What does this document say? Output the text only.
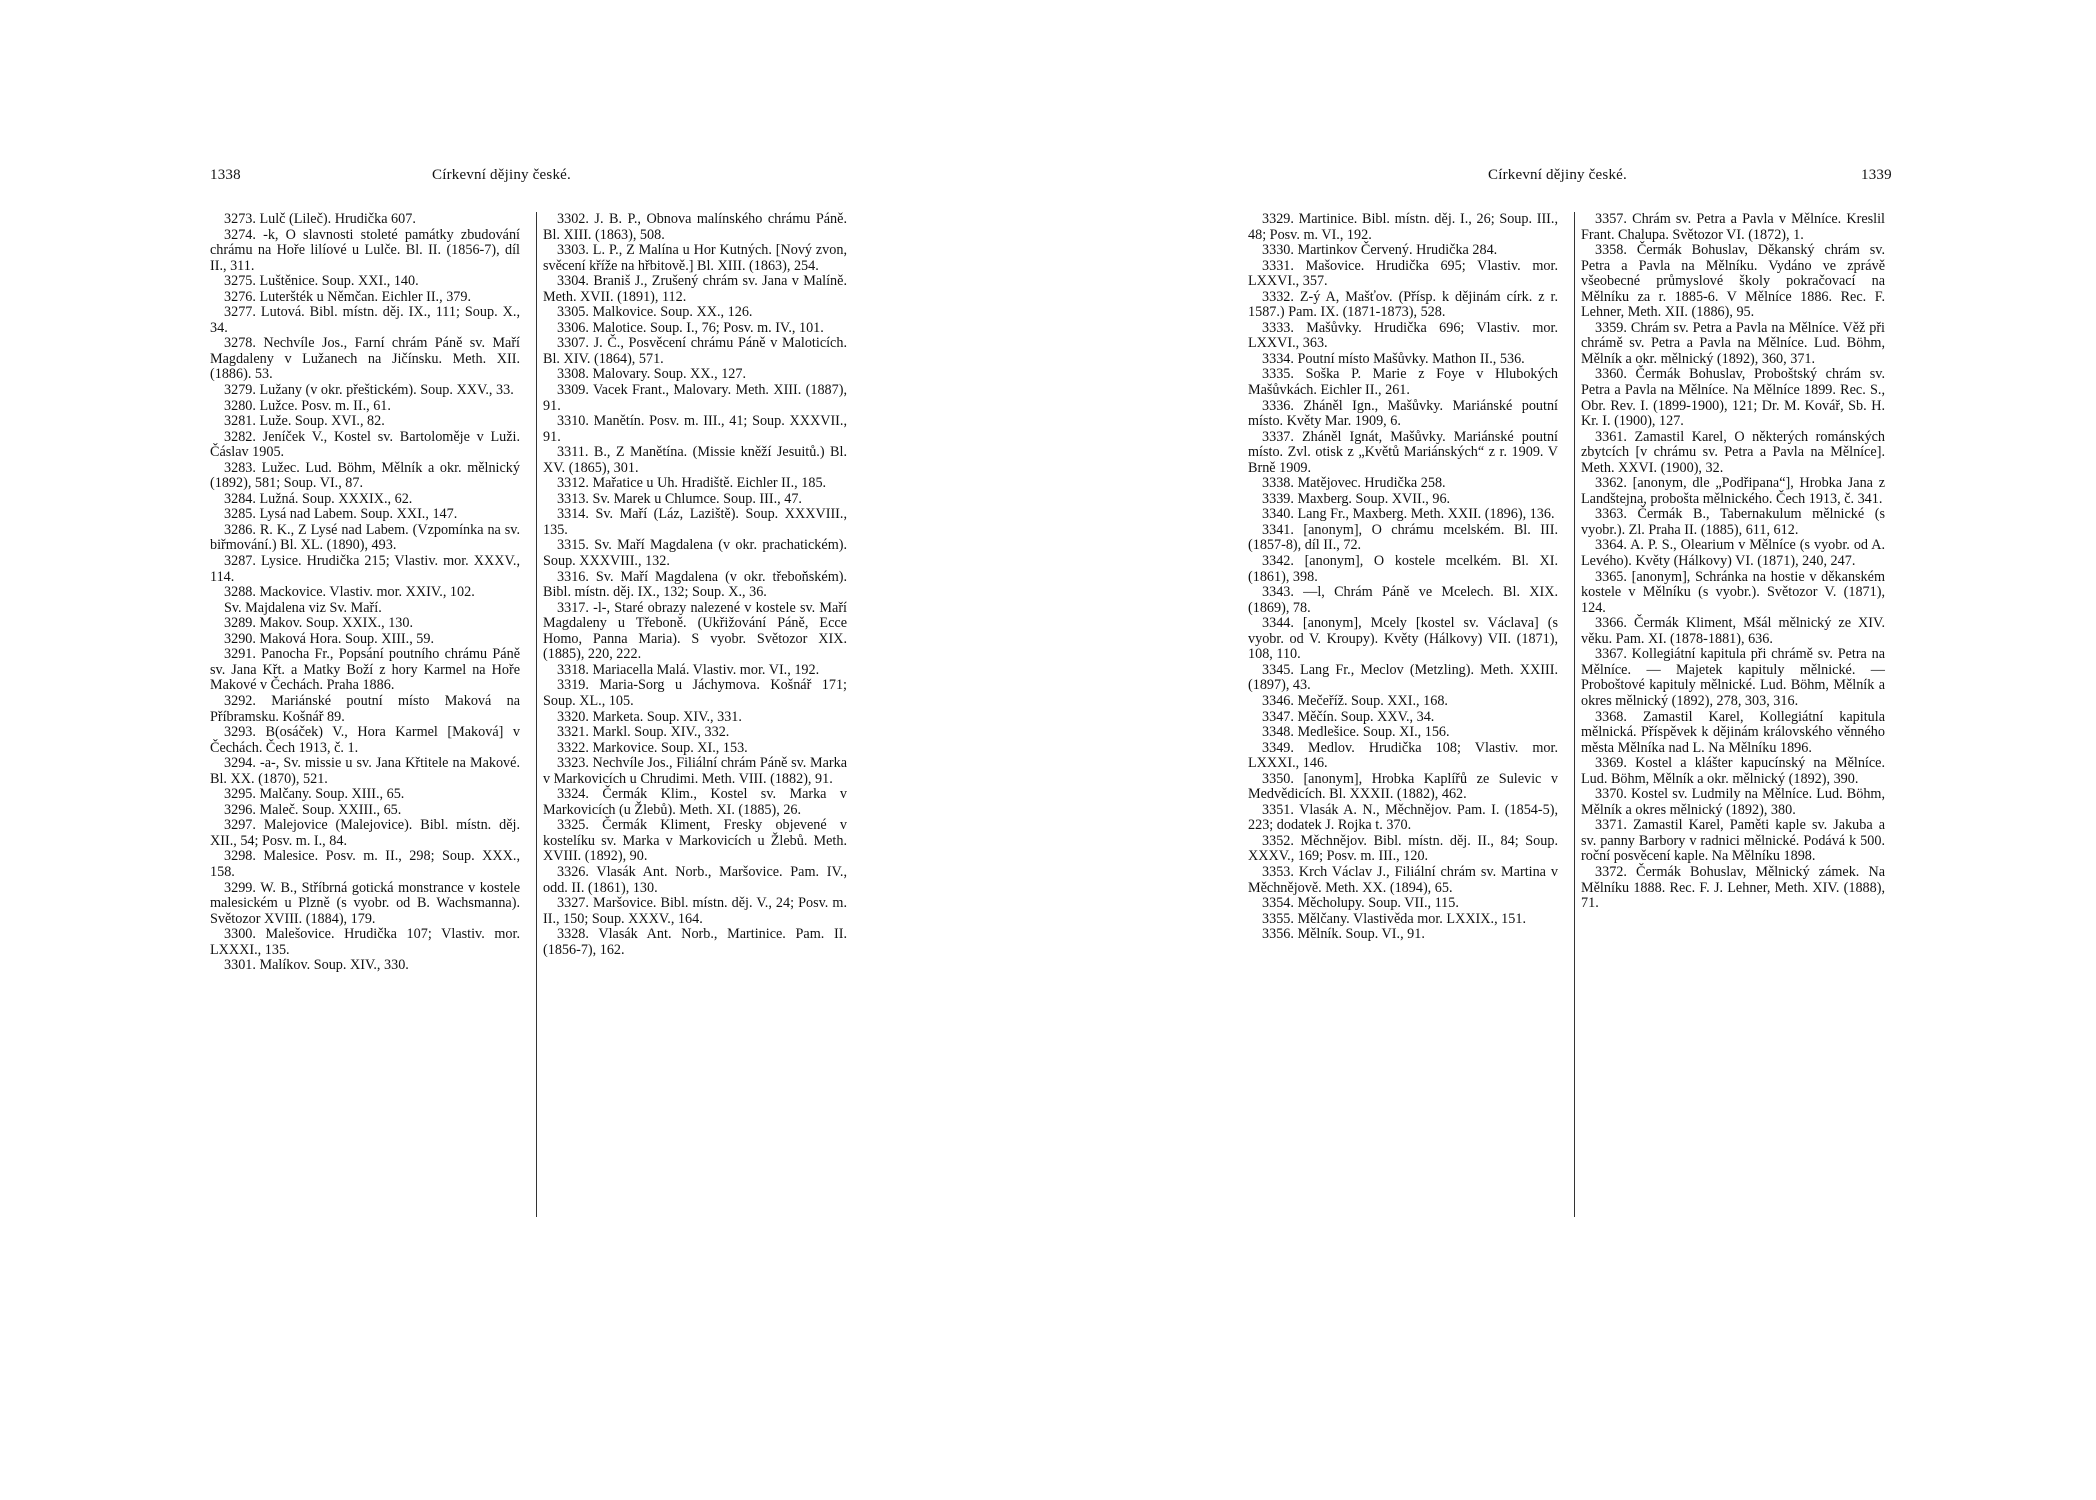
1338	Církevní dějiny české.

3273. Lulč (Lileč). Hrudička 607.

3274. -k, O slavnosti stoleté památky zbudování chrámu na Hoře lilíové u Lulče. Bl. II. (1856-7), díl II., 311.

3275. Luštěnice. Soup. XXI., 140.

3276. Luteršték u Němčan. Eichler II., 379.

3277. Lutová. Bibl. místn. děj. IX., 111; Soup. X., 34.

3278. Nechvíle Jos., Farní chrám Páně sv. Maří Magdaleny v Lužanech na Jičínsku. Meth. XII. (1886). 53.

3279. Lužany (v okr. přeštickém). Soup. XXV., 33.

3280. Lužce. Posv. m. II., 61.

3281. Luže. Soup. XVI., 82.

3282. Jeníček V., Kostel sv. Bartoloměje v Luži. Čáslav 1905.

3283. Lužec. Lud. Böhm, Mělník a okr. mělnický (1892), 581; Soup. VI., 87.

3284. Lužná. Soup. XXXIX., 62.

3285. Lysá nad Labem. Soup. XXI., 147.

3286. R. K., Z Lysé nad Labem. (Vzpomínka na sv. biřmování.) Bl. XL. (1890), 493.

3287. Lysice. Hrudička 215; Vlastiv. mor. XXXV., 114.

3288. Mackovice. Vlastiv. mor. XXIV., 102.

Sv. Majdalena viz Sv. Maří.

3289. Makov. Soup. XXIX., 130.

3290. Maková Hora. Soup. XIII., 59.

3291. Panocha Fr., Popsání poutního chrámu Páně sv. Jana Křt. a Matky Boží z hory Karmel na Hoře Makové v Čechách. Praha 1886.

3292. Mariánské poutní místo Maková na Příbramsku. Košnář 89.

3293. B(osáček) V., Hora Karmel [Maková] v Čechách. Čech 1913, č. 1.

3294. -a-, Sv. missie u sv. Jana Křtitele na Makové. Bl. XX. (1870), 521.

3295. Malčany. Soup. XIII., 65.

3296. Maleč. Soup. XXIII., 65.

3297. Malejovice (Malejovice). Bibl. místn. děj. XII., 54; Posv. m. I., 84.

3298. Malesice. Posv. m. II., 298; Soup. XXX., 158.

3299. W. B., Stříbrná gotická monstrance v kostele malesickém u Plzně (s vyobr. od B. Wachsmanna). Světozor XVIII. (1884), 179.

3300. Malešovice. Hrudička 107; Vlastiv. mor. LXXXI., 135.

3301. Malíkov. Soup. XIV., 330.

3302. J. B. P., Obnova malínského chrámu Páně. Bl. XIII. (1863), 508.

3303. L. P., Z Malína u Hor Kutných. [Nový zvon, svěcení kříže na hřbitově.] Bl. XIII. (1863), 254.

3304. Braniš J., Zrušený chrám sv. Jana v Malíně. Meth. XVII. (1891), 112.

3305. Malkovice. Soup. XX., 126.

3306. Malotice. Soup. I., 76; Posv. m. IV., 101.

3307. J. Č., Posvěcení chrámu Páně v Maloticích. Bl. XIV. (1864), 571.

3308. Malovary. Soup. XX., 127.

3309. Vacek Frant., Malovary. Meth. XIII. (1887), 91.

3310. Manětín. Posv. m. III., 41; Soup. XXXVII., 91.

3311. B., Z Manětína. (Missie kněží Jesuitů.) Bl. XV. (1865), 301.

3312. Mařatice u Uh. Hradiště. Eichler II., 185.

3313. Sv. Marek u Chlumce. Soup. III., 47.

3314. Sv. Maří (Láz, Laziště). Soup. XXXVIII., 135.

3315. Sv. Maří Magdalena (v okr. prachatickém). Soup. XXXVIII., 132.

3316. Sv. Maří Magdalena (v okr. třeboňském). Bibl. místn. děj. IX., 132; Soup. X., 36.

3317. -l-, Staré obrazy nalezené v kostele sv. Maří Magdaleny u Třeboně. (Ukřižování Páně, Ecce Homo, Panna Maria). S vyobr. Světozor XIX. (1885), 220, 222.

3318. Mariacella Malá. Vlastiv. mor. VI., 192.

3319. Maria-Sorg u Jáchymova. Košnář 171; Soup. XL., 105.

3320. Marketa. Soup. XIV., 331.

3321. Markl. Soup. XIV., 332.

3322. Markovice. Soup. XI., 153.

3323. Nechvíle Jos., Filiální chrám Páně sv. Marka v Markovicích u Chrudimi. Meth. VIII. (1882), 91.

3324. Čermák Klim., Kostel sv. Marka v Markovicích (u Žlebů). Meth. XI. (1885), 26.

3325. Čermák Kliment, Fresky objevené v kostelíku sv. Marka v Markovicích u Žlebů. Meth. XVIII. (1892), 90.

3326. Vlasák Ant. Norb., Maršovice. Pam. IV., odd. II. (1861), 130.

3327. Maršovice. Bibl. místn. děj. V., 24; Posv. m. II., 150; Soup. XXXV., 164.

3328. Vlasák Ant. Norb., Martinice. Pam. II. (1856-7), 162.

Církevní dějiny české.	1339

3329. Martinice. Bibl. místn. děj. I., 26; Soup. III., 48; Posv. m. VI., 192.

3330. Martinkov Červený. Hrudička 284.

3331. Mašovice. Hrudička 695; Vlastiv. mor. LXXVI., 357.

3332. Z-ý A, Mašťov. (Přísp. k dějinám círk. z r. 1587.) Pam. IX. (1871-1873), 528.

3333. Mašůvky. Hrudička 696; Vlastiv. mor. LXXVI., 363.

3334. Poutní místo Mašůvky. Mathon II., 536.

3335. Soška P. Marie z Foye v Hlubokých Mašůvkách. Eichler II., 261.

3336. Zháněl Ign., Mašůvky. Mariánské poutní místo. Květy Mar. 1909, 6.

3337. Zháněl Ignát, Mašůvky. Mariánské poutní místo. Zvl. otisk z „Květů Mariánských“ z r. 1909. V Brně 1909.

3338. Matějovec. Hrudička 258.

3339. Maxberg. Soup. XVII., 96.

3340. Lang Fr., Maxberg. Meth. XXII. (1896), 136.

3341. [anonym], O chrámu mcelském. Bl. III. (1857-8), díl II., 72.

3342. [anonym], O kostele mcelkém. Bl. XI. (1861), 398.

3343. —l, Chrám Páně ve Mcelech. Bl. XIX. (1869), 78.

3344. [anonym], Mcely [kostel sv. Václava] (s vyobr. od V. Kroupy). Květy (Hálkovy) VII. (1871), 108, 110.

3345. Lang Fr., Meclov (Metzling). Meth. XXIII. (1897), 43.

3346. Mečeříž. Soup. XXI., 168.

3347. Měčín. Soup. XXV., 34.

3348. Medlešice. Soup. XI., 156.

3349. Medlov. Hrudička 108; Vlastiv. mor. LXXXI., 146.

3350. [anonym], Hrobka Kaplířů ze Sulevic v Medvědicích. Bl. XXXII. (1882), 462.

3351. Vlasák A. N., Měchnějov. Pam. I. (1854-5), 223; dodatek J. Rojka t. 370.

3352. Měchnějov. Bibl. místn. děj. II., 84; Soup. XXXV., 169; Posv. m. III., 120.

3353. Krch Václav J., Filiální chrám sv. Martina v Měchnějově. Meth. XX. (1894), 65.

3354. Měcholupy. Soup. VII., 115.

3355. Mělčany. Vlastivěda mor. LXXIX., 151.

3356. Mělník. Soup. VI., 91.

3357. Chrám sv. Petra a Pavla v Mělníce. Kreslil Frant. Chalupa. Světozor VI. (1872), 1.

3358. Čermák Bohuslav, Děkanský chrám sv. Petra a Pavla na Mělníku. Vydáno ve zprávě všeobecné průmyslové školy pokračovací na Mělníku za r. 1885-6. V Mělníce 1886. Rec. F. Lehner, Meth. XII. (1886), 95.

3359. Chrám sv. Petra a Pavla na Mělníce. Věž při chrámě sv. Petra a Pavla na Mělníce. Lud. Böhm, Mělník a okr. mělnický (1892), 360, 371.

3360. Čermák Bohuslav, Proboštský chrám sv. Petra a Pavla na Mělníce. Na Mělníce 1899. Rec. S., Obr. Rev. I. (1899-1900), 121; Dr. M. Kovář, Sb. H. Kr. I. (1900), 127.

3361. Zamastil Karel, O některých románských zbytcích [v chrámu sv. Petra a Pavla na Mělníce]. Meth. XXVI. (1900), 32.

3362. [anonym, dle „Podřipana“], Hrobka Jana z Landštejna, probošta mělnického. Čech 1913, č. 341.

3363. Čermák B., Tabernakulum mělnické (s vyobr.). Zl. Praha II. (1885), 611, 612.

3364. A. P. S., Olearium v Mělníce (s vyobr. od A. Levého). Květy (Hálkovy) VI. (1871), 240, 247.

3365. [anonym], Schránka na hostie v děkanském kostele v Mělníku (s vyobr.). Světozor V. (1871), 124.

3366. Čermák Kliment, Mšál mělnický ze XIV. věku. Pam. XI. (1878-1881), 636.

3367. Kollegiátní kapitula při chrámě sv. Petra na Mělníce. — Majetek kapituly mělnické. — Proboštové kapituly mělnické. Lud. Böhm, Mělník a okres mělnický (1892), 278, 303, 316.

3368. Zamastil Karel, Kollegiátní kapitula mělnická. Příspěvek k dějinám královského věnného města Mělníka nad L. Na Mělníku 1896.

3369. Kostel a klášter kapucínský na Mělníce. Lud. Böhm, Mělník a okr. mělnický (1892), 390.

3370. Kostel sv. Ludmily na Mělníce. Lud. Böhm, Mělník a okres mělnický (1892), 380.

3371. Zamastil Karel, Paměti kaple sv. Jakuba a sv. panny Barbory v radnici mělnické. Podává k 500. roční posvěcení kaple. Na Mělníku 1898.

3372. Čermák Bohuslav, Mělnický zámek. Na Mělníku 1888. Rec. F. J. Lehner, Meth. XIV. (1888), 71.
